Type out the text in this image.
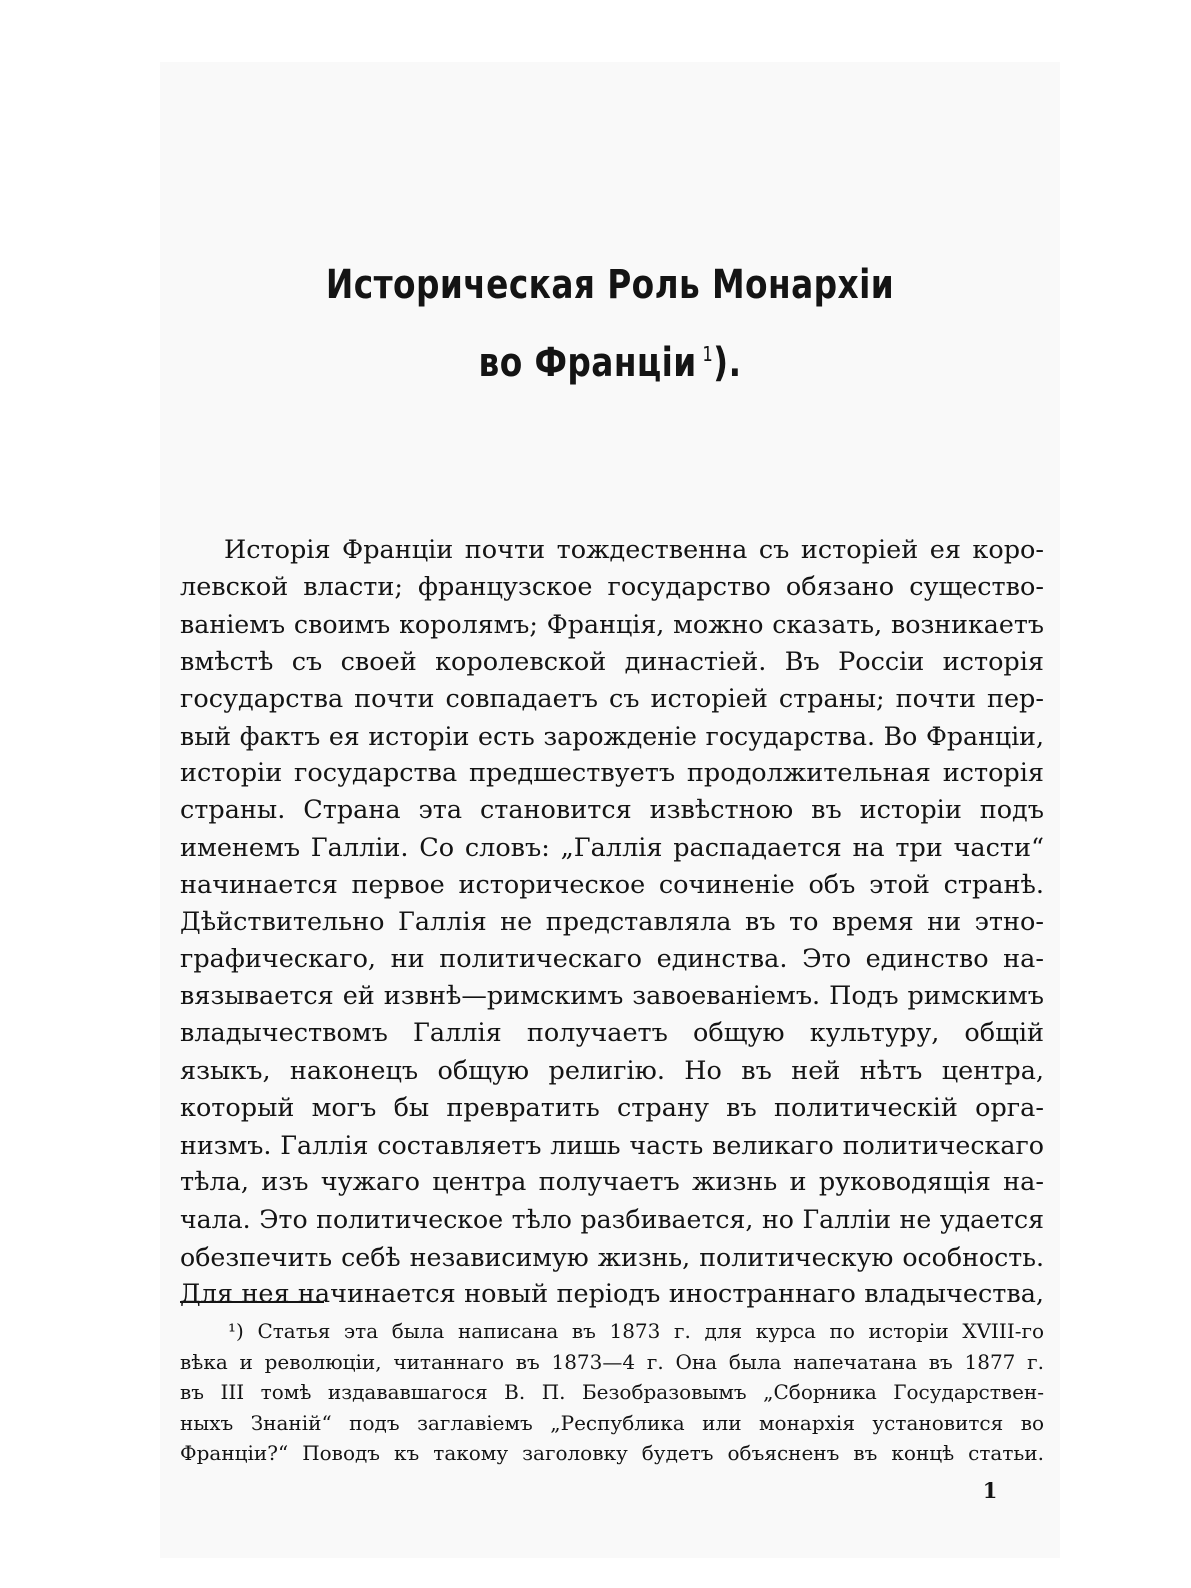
Историческая Роль Монархіи
во Франціи $^1$).
Исторія Франціи почти тождественна съ исторіей ея коро-
левской власти; французское государство обязано существо-
ваніемъ своимъ королямъ; Франція, можно сказать, возникаетъ
вмѣстѣ съ своей королевской династіей. Въ Россіи исторія
государства почти совпадаетъ съ исторіей страны; почти пер-
вый фактъ ея исторіи есть зарожденіе государства. Во Франціи,
исторіи государства предшествуетъ продолжительная исторія
страны. Страна эта становится извѣстною въ исторіи подъ
именемъ Галліи. Со словъ: „Галлія распадается на три части“
начинается первое историческое сочиненіе объ этой странѣ.
Дѣйствительно Галлія не представляла въ то время ни этно-
графическаго, ни политическаго единства. Это единство на-
вязывается ей извнѣ—римскимъ завоеваніемъ. Подъ римскимъ
владычествомъ Галлія получаетъ общую культуру, общій
языкъ, наконецъ общую религію. Но въ ней нѣтъ центра,
который могъ бы превратить страну въ политическій орга-
низмъ. Галлія составляетъ лишь часть великаго политическаго
тѣла, изъ чужаго центра получаетъ жизнь и руководящія на-
чала. Это политическое тѣло разбивается, но Галліи не удается
обезпечить себѣ независимую жизнь, политическую особность.
Для нея начинается новый періодъ иностраннаго владычества,
¹) Статья эта была написана въ 1873 г. для курса по исторіи XVIII-го
вѣка и революціи, читаннаго въ 1873—4 г. Она была напечатана въ 1877 г.
въ III томѣ издававшагося В. П. Безобразовымъ „Сборника Государствен-
ныхъ Знаній“ подъ заглавіемъ „Республика или монархія установится во
Франціи?“ Поводъ къ такому заголовку будетъ объясненъ въ концѣ статьи.
1
